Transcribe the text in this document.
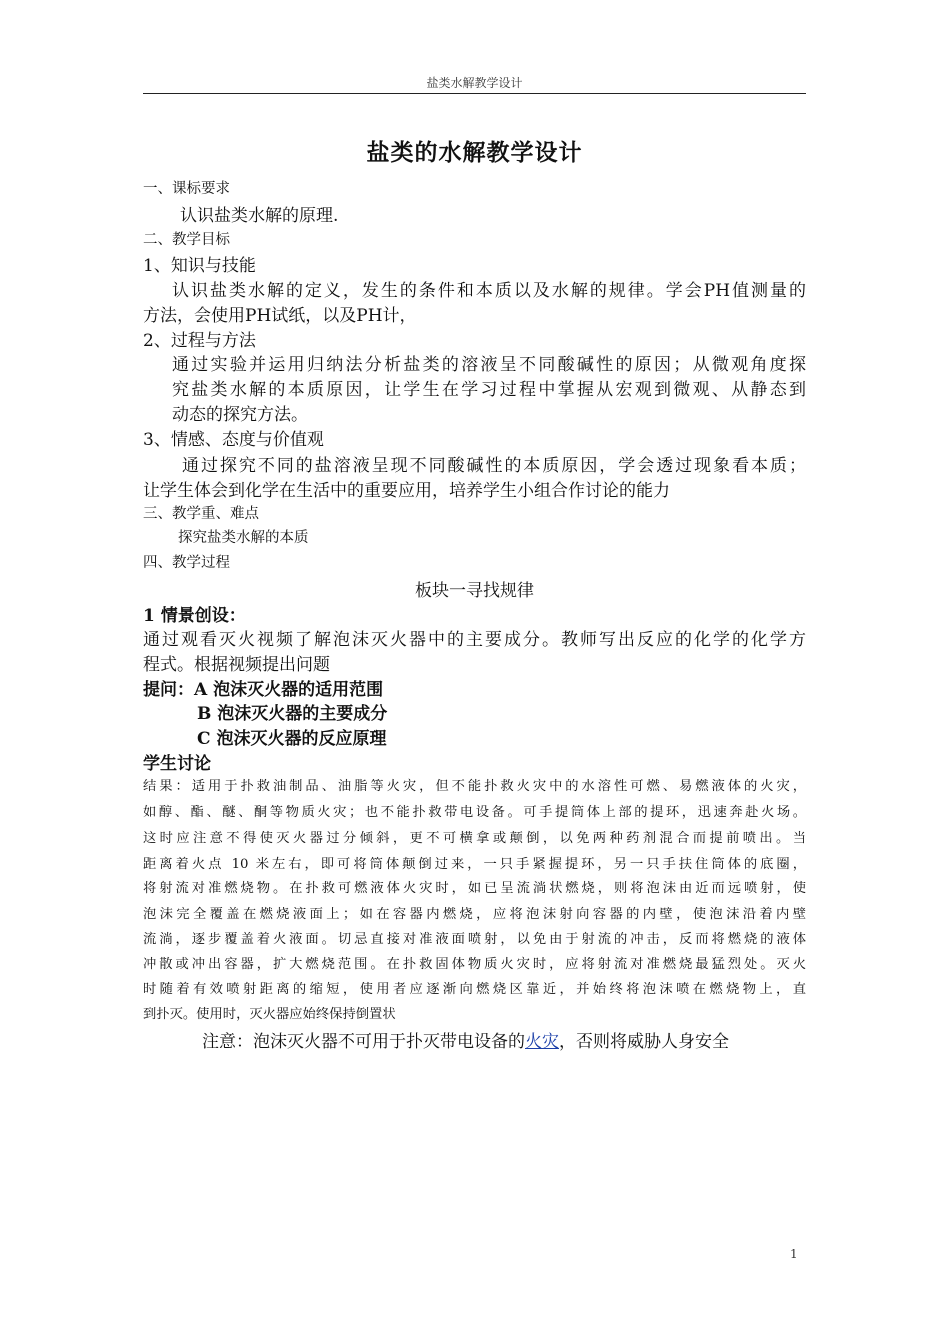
盐类水解教学设计
盐类的水解教学设计
一、课标要求
认识盐类水解的原理.
二、教学目标
1、知识与技能
认识盐类水解的定义，发生的条件和本质以及水解的规律。学会PH值测量的
方法，会使用PH试纸，以及PH计，
2、过程与方法
通过实验并运用归纳法分析盐类的溶液呈不同酸碱性的原因；从微观角度探
究盐类水解的本质原因，让学生在学习过程中掌握从宏观到微观、从静态到
动态的探究方法。
3、情感、态度与价值观
通过探究不同的盐溶液呈现不同酸碱性的本质原因，学会透过现象看本质；
让学生体会到化学在生活中的重要应用，培养学生小组合作讨论的能力
三、教学重、难点
探究盐类水解的本质
四、教学过程
板块一寻找规律
1 情景创设：
通过观看灭火视频了解泡沫灭火器中的主要成分。教师写出反应的化学的化学方
程式。根据视频提出问题
提问：A 泡沫灭火器的适用范围
B 泡沫灭火器的主要成分
C 泡沫灭火器的反应原理
学生讨论
结果：适用于扑救油制品、油脂等火灾，但不能扑救火灾中的水溶性可燃、易燃液体的火灾，
如醇、酯、醚、酮等物质火灾；也不能扑救带电设备。可手提筒体上部的提环，迅速奔赴火场。
这时应注意不得使灭火器过分倾斜，更不可横拿或颠倒，以免两种药剂混合而提前喷出。当
距离着火点 10 米左右，即可将筒体颠倒过来，一只手紧握提环，另一只手扶住筒体的底圈，
将射流对准燃烧物。在扑救可燃液体火灾时，如已呈流淌状燃烧，则将泡沫由近而远喷射，使
泡沫完全覆盖在燃烧液面上；如在容器内燃烧，应将泡沫射向容器的内壁，使泡沫沿着内壁
流淌，逐步覆盖着火液面。切忌直接对准液面喷射，以免由于射流的冲击，反而将燃烧的液体
冲散或冲出容器，扩大燃烧范围。在扑救固体物质火灾时，应将射流对准燃烧最猛烈处。灭火
时随着有效喷射距离的缩短，使用者应逐渐向燃烧区靠近，并始终将泡沫喷在燃烧物上，直
到扑灭。使用时，灭火器应始终保持倒置状
注意：泡沫灭火器不可用于扑灭带电设备的火灾，否则将威胁人身安全
1
